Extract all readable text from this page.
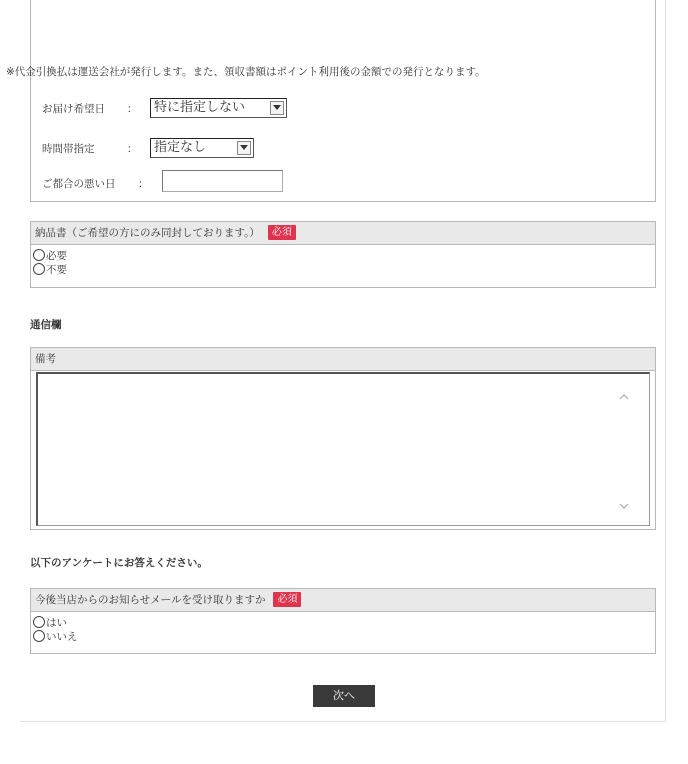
※代金引換払は運送会社が発行します。また、領収書額はポイント利用後の金額での発行となります。
お届け希望日 ：	特に指定しない
時間帯指定	：	指定なし
ご都合の悪い日 ：
納品書（ご希望の方にのみ同封しております。） 必須
必要
不要
通信欄
備考
以下のアンケートにお答えください。
今後当店からのお知らせメールを受け取りますか 必須
はい
いいえ
次へ
